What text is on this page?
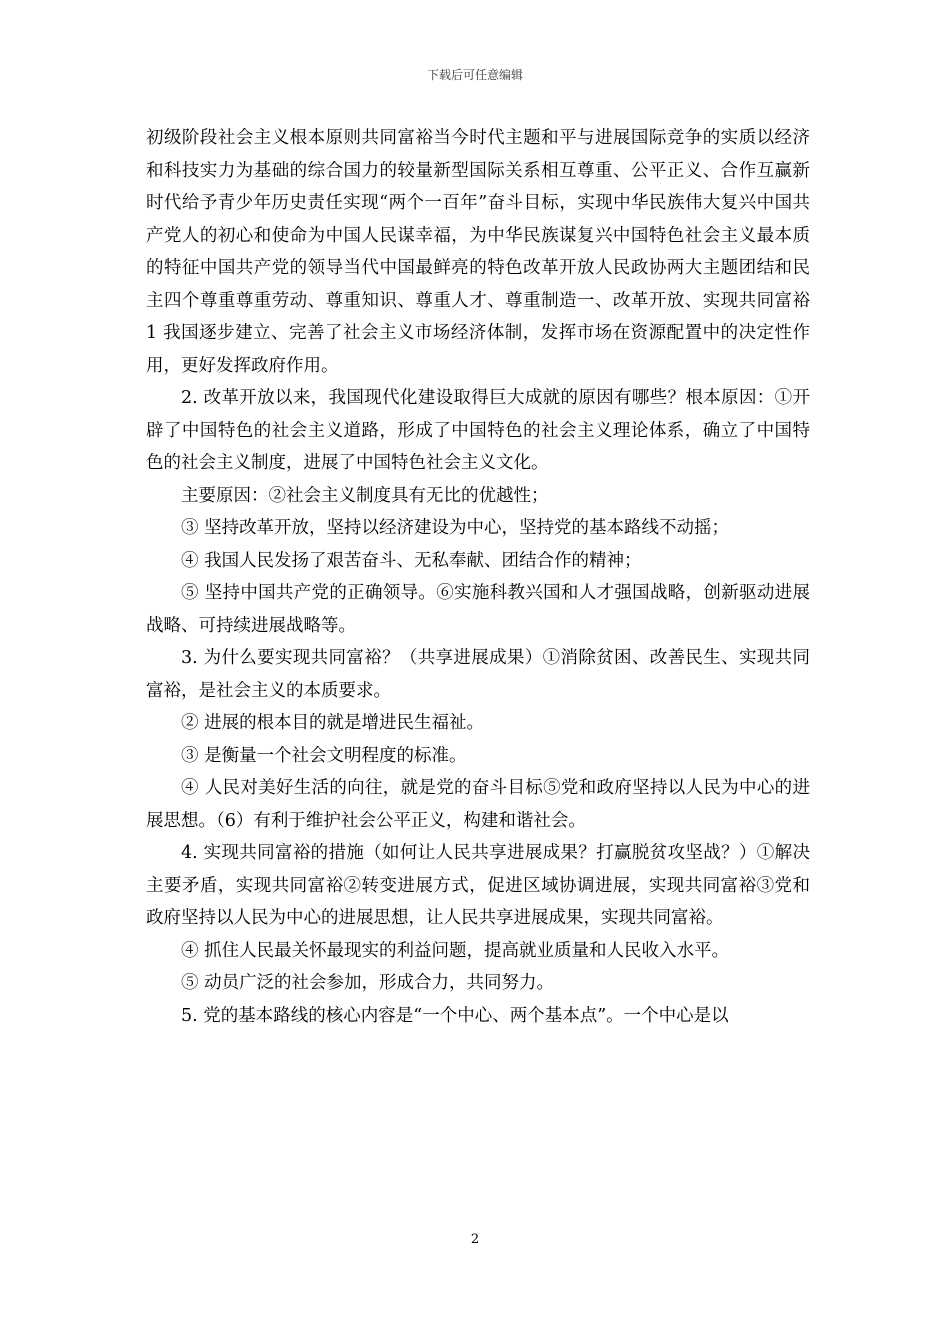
下载后可任意编辑

初级阶段社会主义根本原则共同富裕当今时代主题和平与进展国际竞争的实质以经济和科技实力为基础的综合国力的较量新型国际关系相互尊重、公平正义、合作互赢新时代给予青少年历史责任实现“两个一百年”奋斗目标，实现中华民族伟大复兴中国共产党人的初心和使命为中国人民谋幸福，为中华民族谋复兴中国特色社会主义最本质的特征中国共产党的领导当代中国最鲜亮的特色改革开放人民政协两大主题团结和民主四个尊重尊重劳动、尊重知识、尊重人才、尊重制造一、改革开放、实现共同富裕 1 我国逐步建立、完善了社会主义市场经济体制，发挥市场在资源配置中的决定性作用，更好发挥政府作用。

2. 改革开放以来，我国现代化建设取得巨大成就的原因有哪些？根本原因：①开辟了中国特色的社会主义道路，形成了中国特色的社会主义理论体系，确立了中国特色的社会主义制度，进展了中国特色社会主义文化。

主要原因：②社会主义制度具有无比的优越性；

③ 坚持改革开放，坚持以经济建设为中心，坚持党的基本路线不动摇；

④ 我国人民发扬了艰苦奋斗、无私奉献、团结合作的精神；

⑤ 坚持中国共产党的正确领导。⑥实施科教兴国和人才强国战略，创新驱动进展战略、可持续进展战略等。

3. 为什么要实现共同富裕？（共享进展成果）①消除贫困、改善民生、实现共同富裕，是社会主义的本质要求。

② 进展的根本目的就是增进民生福祉。

③ 是衡量一个社会文明程度的标准。

④ 人民对美好生活的向往，就是党的奋斗目标⑤党和政府坚持以人民为中心的进展思想。（6）有利于维护社会公平正义，构建和谐社会。

4. 实现共同富裕的措施（如何让人民共享进展成果？打赢脱贫攻坚战？）①解决主要矛盾，实现共同富裕②转变进展方式，促进区域协调进展，实现共同富裕③党和政府坚持以人民为中心的进展思想，让人民共享进展成果，实现共同富裕。

④ 抓住人民最关怀最现实的利益问题，提高就业质量和人民收入水平。

⑤ 动员广泛的社会参加，形成合力，共同努力。

5. 党的基本路线的核心内容是“一个中心、两个基本点”。一个中心是以

2
